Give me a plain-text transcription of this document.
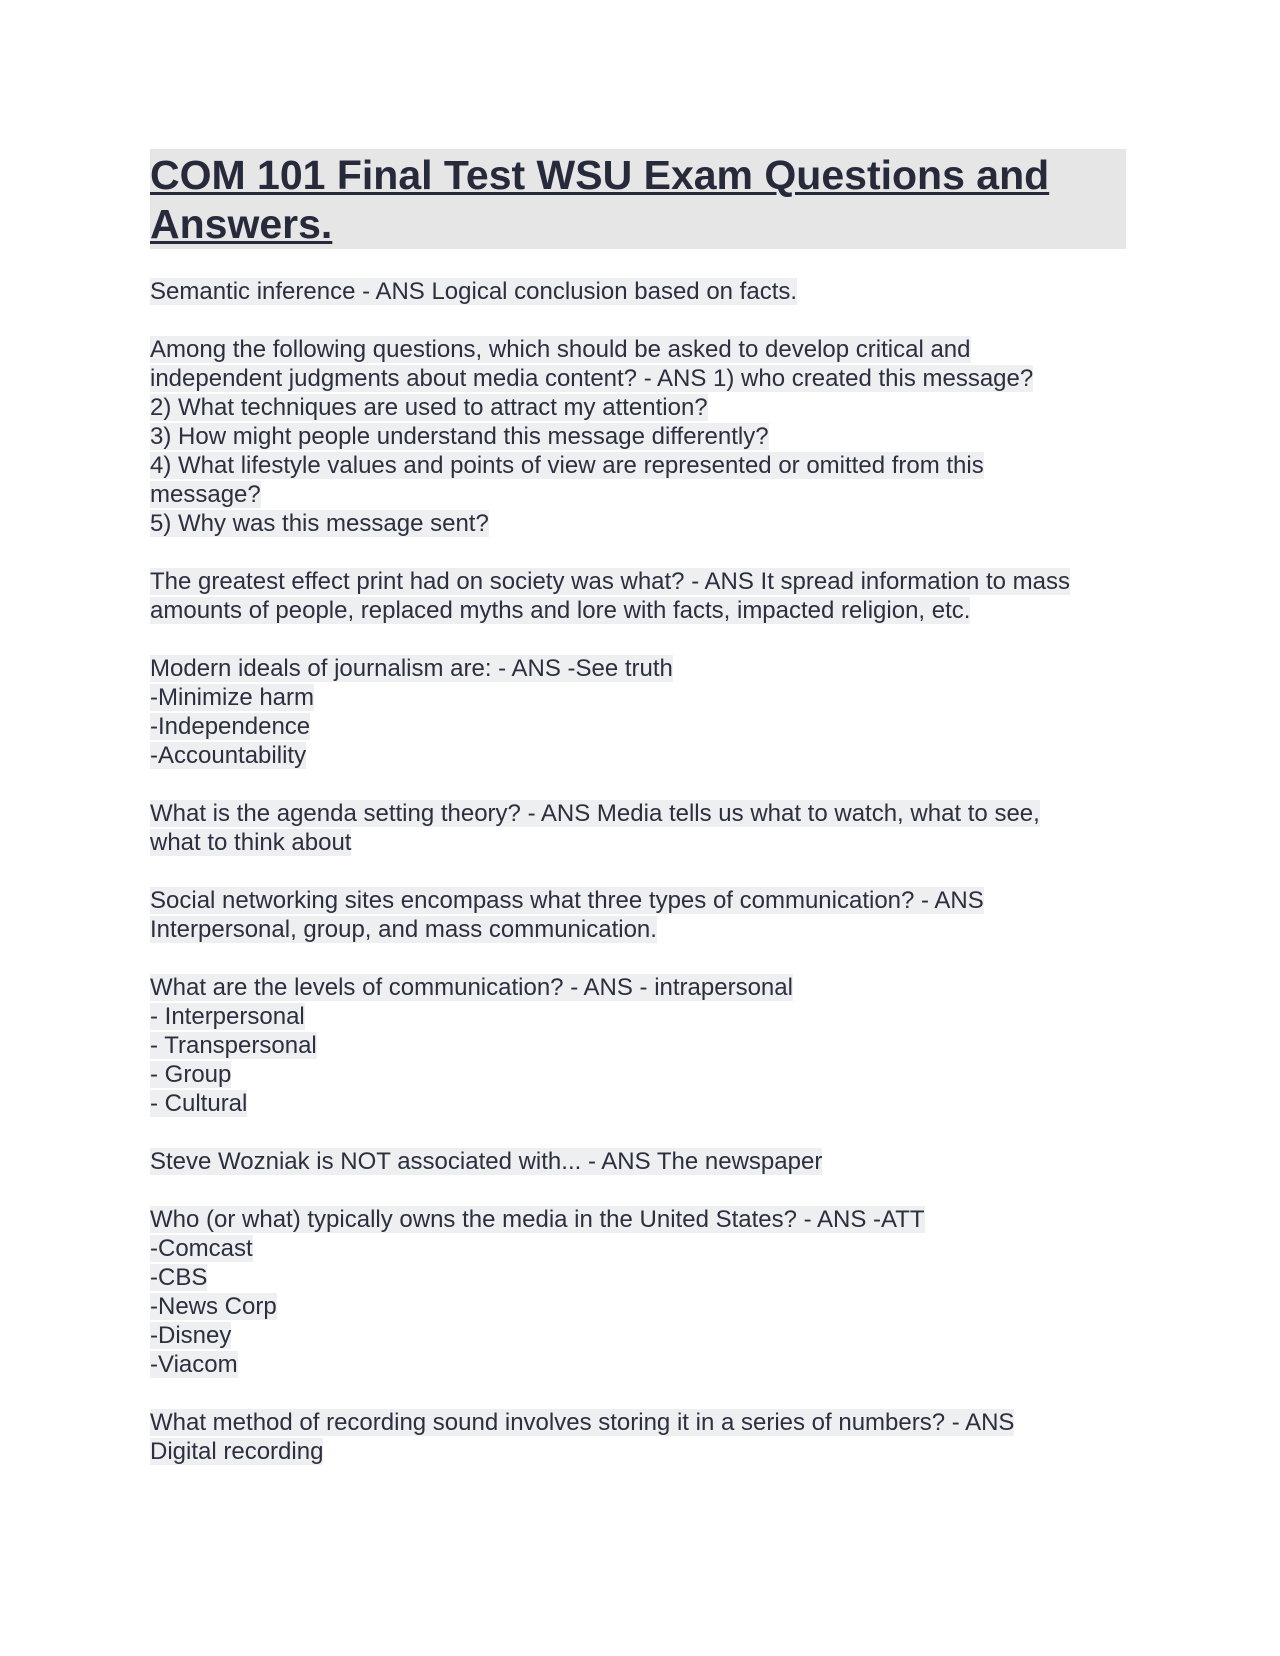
COM 101 Final Test WSU Exam Questions and
Answers.
Semantic inference - ANS Logical conclusion based on facts.
Among the following questions, which should be asked to develop critical and
independent judgments about media content? - ANS 1) who created this message?
2) What techniques are used to attract my attention?
3) How might people understand this message differently?
4) What lifestyle values and points of view are represented or omitted from this
message?
5) Why was this message sent?
The greatest effect print had on society was what? - ANS It spread information to mass
amounts of people, replaced myths and lore with facts, impacted religion, etc.
Modern ideals of journalism are: - ANS -See truth
-Minimize harm
-Independence
-Accountability
What is the agenda setting theory? - ANS Media tells us what to watch, what to see,
what to think about
Social networking sites encompass what three types of communication? - ANS
Interpersonal, group, and mass communication.
What are the levels of communication? - ANS - intrapersonal
- Interpersonal
- Transpersonal
- Group
- Cultural
Steve Wozniak is NOT associated with... - ANS The newspaper
Who (or what) typically owns the media in the United States? - ANS -ATT
-Comcast
-CBS
-News Corp
-Disney
-Viacom
What method of recording sound involves storing it in a series of numbers? - ANS
Digital recording
